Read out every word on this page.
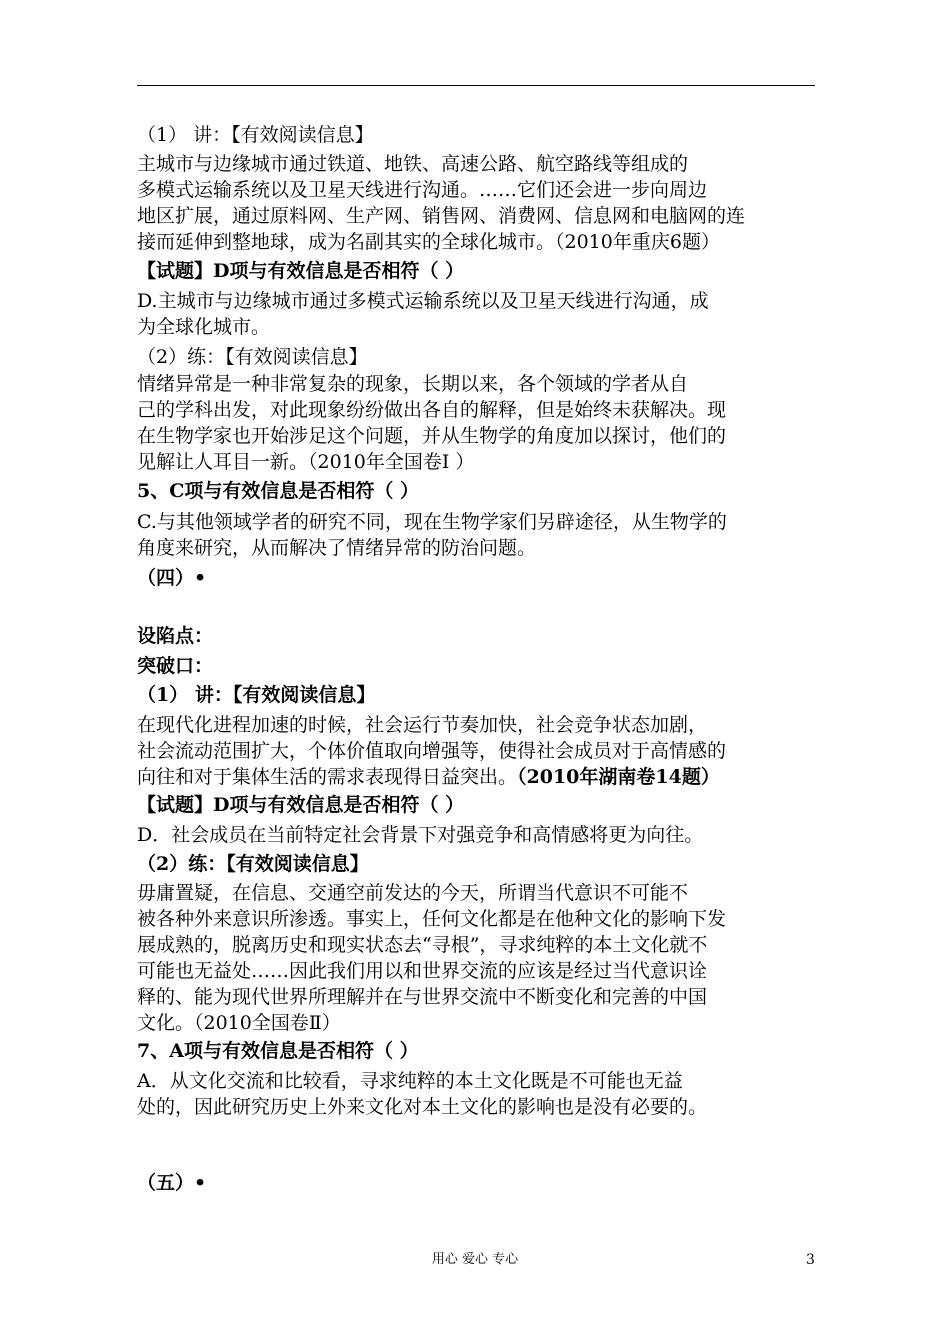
（1） 讲：【有效阅读信息】
主城市与边缘城市通过铁道、地铁、高速公路、航空路线等组成的
多模式运输系统以及卫星天线进行沟通。……它们还会进一步向周边
地区扩展，通过原料网、生产网、销售网、消费网、信息网和电脑网的连
接而延伸到整地球，成为名副其实的全球化城市。（2010年重庆6题）
【试题】D项与有效信息是否相符（ ）
D.主城市与边缘城市通过多模式运输系统以及卫星天线进行沟通，成
为全球化城市。
（2）练：【有效阅读信息】
情绪异常是一种非常复杂的现象，长期以来，各个领域的学者从自
己的学科出发，对此现象纷纷做出各自的解释，但是始终未获解决。现
在生物学家也开始涉足这个问题，并从生物学的角度加以探讨，他们的
见解让人耳目一新。（2010年全国卷Ⅰ ）
5、C项与有效信息是否相符（ ）
C.与其他领域学者的研究不同，现在生物学家们另辟途径，从生物学的
角度来研究，从而解决了情绪异常的防治问题。
（四）•
设陷点：
突破口：
（1） 讲：【有效阅读信息】
在现代化进程加速的时候，社会运行节奏加快，社会竞争状态加剧，
社会流动范围扩大，个体价值取向增强等，使得社会成员对于高情感的
向往和对于集体生活的需求表现得日益突出。（2010年湖南卷14题）
【试题】D项与有效信息是否相符（ ）
D．社会成员在当前特定社会背景下对强竞争和高情感将更为向往。
（2）练：【有效阅读信息】
毋庸置疑，在信息、交通空前发达的今天，所谓当代意识不可能不
被各种外来意识所渗透。事实上，任何文化都是在他种文化的影响下发
展成熟的，脱离历史和现实状态去“寻根”，寻求纯粹的本土文化就不
可能也无益处……因此我们用以和世界交流的应该是经过当代意识诠
释的、能为现代世界所理解并在与世界交流中不断变化和完善的中国
文化。（2010全国卷Ⅱ）
7、A项与有效信息是否相符（ ）
A．从文化交流和比较看，寻求纯粹的本土文化既是不可能也无益
处的，因此研究历史上外来文化对本土文化的影响也是没有必要的。
（五）•
用心 爱心 专心	3
